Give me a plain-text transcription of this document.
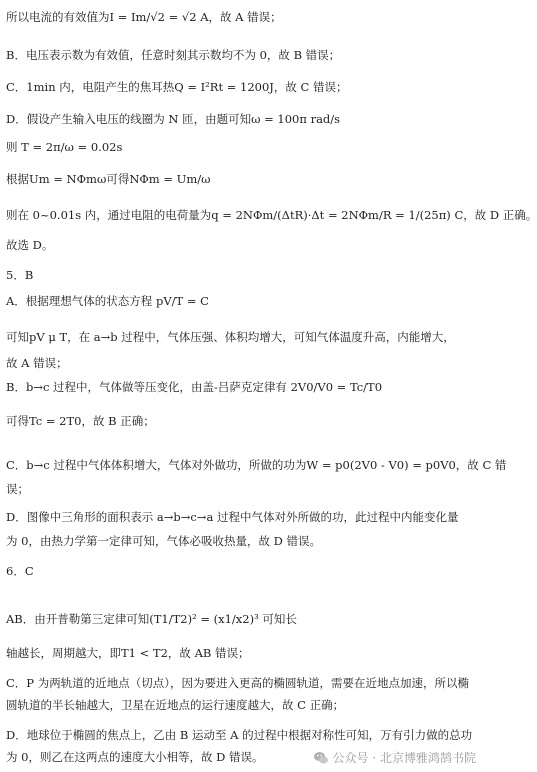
所以电流的有效值为I = Im/√2 = √2 A，故 A 错误；
B．电压表示数为有效值，任意时刻其示数均不为 0，故 B 错误；
C．1min 内，电阻产生的焦耳热Q = I²Rt = 1200J，故 C 错误；
D．假设产生输入电压的线圈为 N 匝，由题可知ω = 100π rad/s
则 T = 2π/ω = 0.02s
根据Um = NΦmω可得NΦm = Um/ω
则在 0~0.01s 内，通过电阻的电荷量为q = 2NΦm/(ΔtR)·Δt = 2NΦm/R = 1/(25π) C，故 D 正确。
故选 D。
5．B
A．根据理想气体的状态方程 pV/T = C
可知pV μ T，在 a→b 过程中，气体压强、体积均增大，可知气体温度升高，内能增大，
故 A 错误；
B．b→c 过程中，气体做等压变化，由盖-吕萨克定律有 2V0/V0 = Tc/T0
可得Tc = 2T0，故 B 正确；
C．b→c 过程中气体体积增大，气体对外做功，所做的功为W = p0(2V0 - V0) = p0V0，故 C 错
误；
D．图像中三角形的面积表示 a→b→c→a 过程中气体对外所做的功，此过程中内能变化量
为 0，由热力学第一定律可知，气体必吸收热量，故 D 错误。
6．C
AB．由开普勒第三定律可知(T1/T2)² = (x1/x2)³ 可知长
轴越长，周期越大，即T1 < T2，故 AB 错误；
C．P 为两轨道的近地点（切点），因为要进入更高的椭圆轨道，需要在近地点加速，所以椭
圆轨道的半长轴越大，卫星在近地点的运行速度越大，故 C 正确；
D．地球位于椭圆的焦点上，乙由 B 运动至 A 的过程中根据对称性可知，万有引力做的总功
为 0，则乙在这两点的速度大小相等，故 D 错误。	公众号 · 北京博雅鸿鹄书院
